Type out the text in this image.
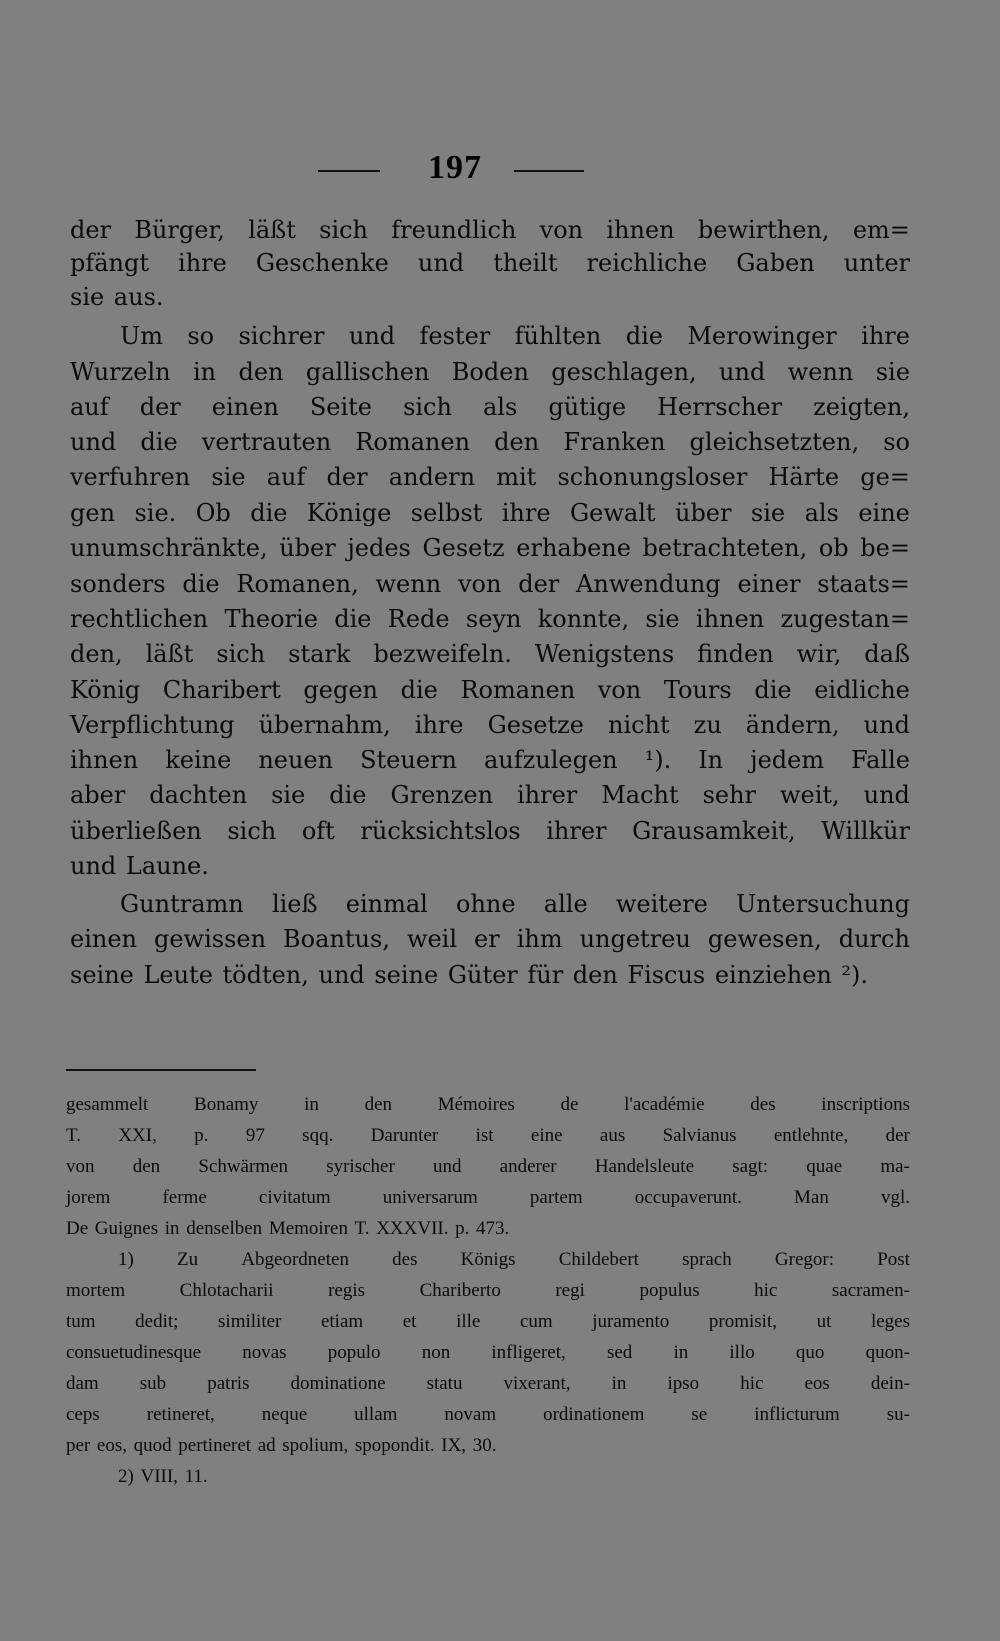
197
der Bürger, läßt sich freundlich von ihnen bewirthen, em=
pfängt ihre Geschenke und theilt reichliche Gaben unter
sie aus.
Um so sichrer und fester fühlten die Merowinger ihre
Wurzeln in den gallischen Boden geschlagen, und wenn sie
auf der einen Seite sich als gütige Herrscher zeigten,
und die vertrauten Romanen den Franken gleichsetzten, so
verfuhren sie auf der andern mit schonungsloser Härte ge=
gen sie. Ob die Könige selbst ihre Gewalt über sie als eine
unumschränkte, über jedes Gesetz erhabene betrachteten, ob be=
sonders die Romanen, wenn von der Anwendung einer staats=
rechtlichen Theorie die Rede seyn konnte, sie ihnen zugestan=
den, läßt sich stark bezweifeln. Wenigstens finden wir, daß
König Charibert gegen die Romanen von Tours die eidliche
Verpflichtung übernahm, ihre Gesetze nicht zu ändern, und
ihnen keine neuen Steuern aufzulegen ¹). In jedem Falle
aber dachten sie die Grenzen ihrer Macht sehr weit, und
überließen sich oft rücksichtslos ihrer Grausamkeit, Willkür
und Laune.
Guntramn ließ einmal ohne alle weitere Untersuchung
einen gewissen Boantus, weil er ihm ungetreu gewesen, durch
seine Leute tödten, und seine Güter für den Fiscus einziehen ²).
gesammelt Bonamy in den Mémoires de l'académie des inscriptions
T. XXI, p. 97 sqq. Darunter ist eine aus Salvianus entlehnte, der
von den Schwärmen syrischer und anderer Handelsleute sagt: quae ma-
jorem	ferme	civitatum	universarum	partem	occupaverunt.	Man	vgl.
De Guignes in denselben Memoiren T. XXXVII. p. 473.
1) Zu Abgeordneten des Königs Childebert sprach Gregor: Post
mortem	Chlotacharii	regis	Chariberto	regi	populus	hic	sacramen-
tum dedit; similiter etiam et ille cum juramento promisit, ut leges
consuetudinesque novas populo non infligeret, sed in illo quo quon-
dam sub patris dominatione statu vixerant, in ipso hic eos dein-
ceps retineret, neque ullam novam ordinationem se inflicturum su-
per eos, quod pertineret ad spolium, spopondit. IX, 30.
2) VIII, 11.
